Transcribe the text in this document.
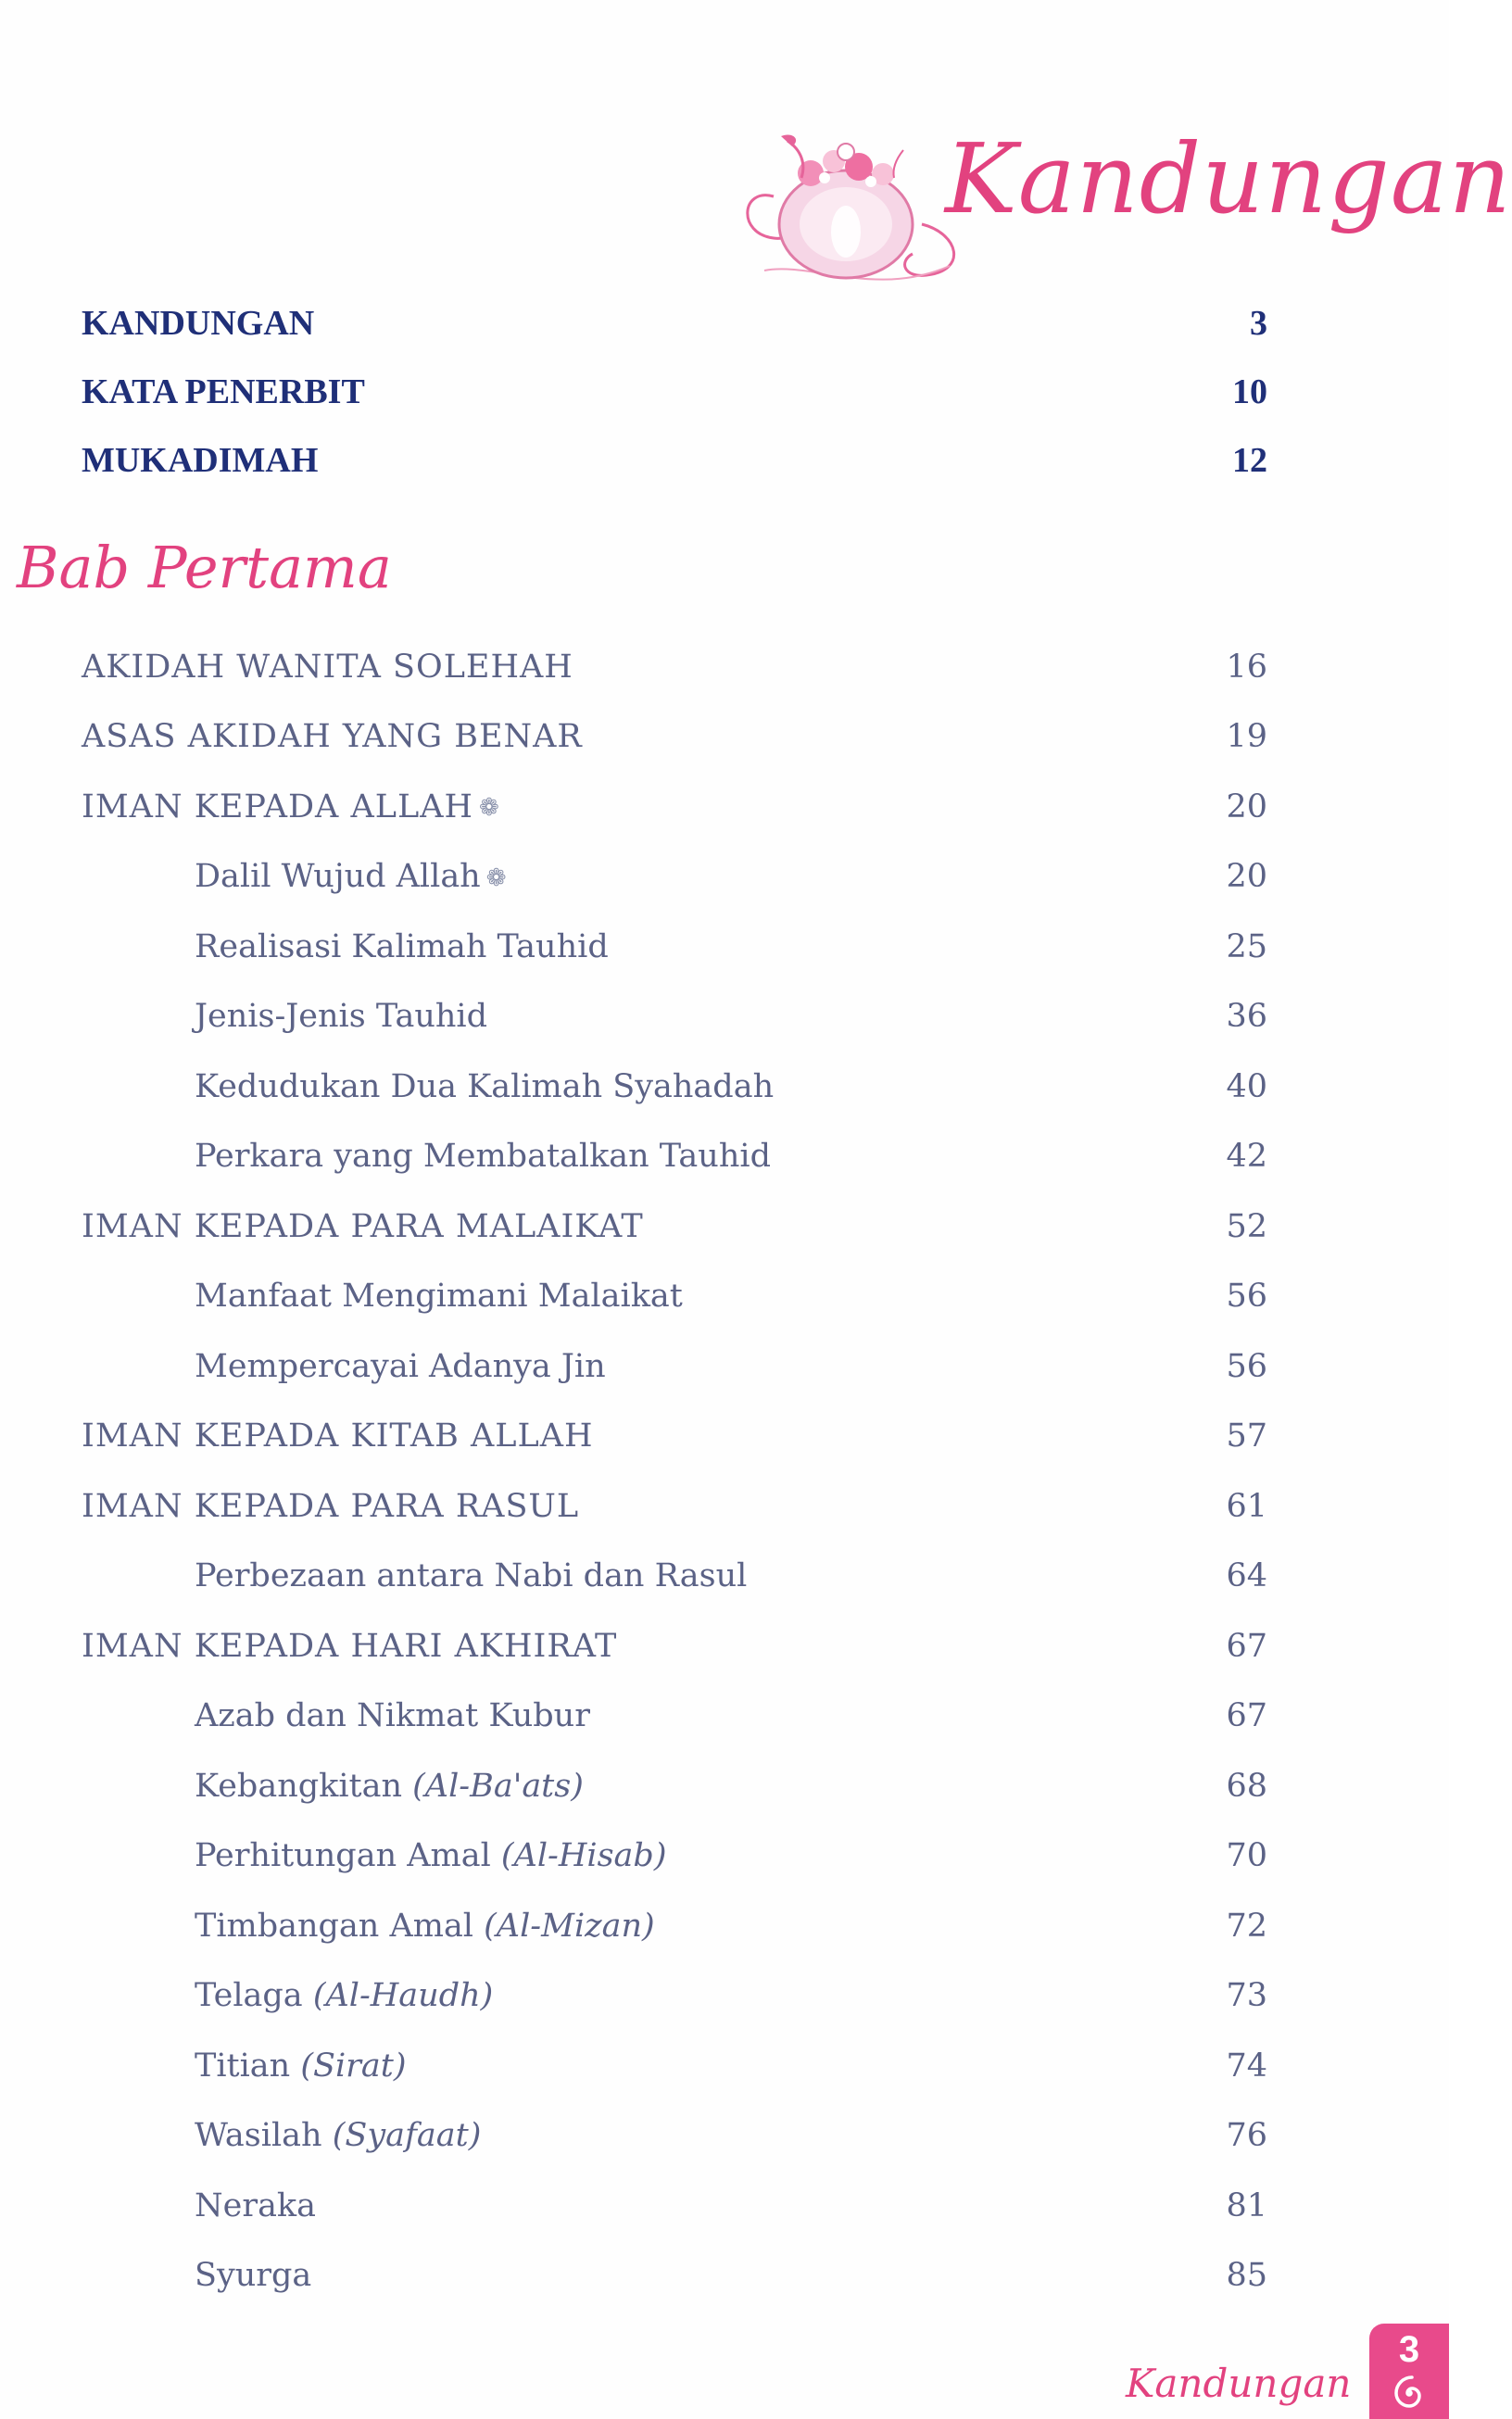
Kandungan
KANDUNGAN	3
KATA PENERBIT	10
MUKADIMAH	12
Bab Pertama
AKIDAH WANITA SOLEHAH	16
ASAS AKIDAH YANG BENAR	19
IMAN KEPADA ALLAH ❁	20
Dalil Wujud Allah ❁	20
Realisasi Kalimah Tauhid	25
Jenis-Jenis Tauhid	36
Kedudukan Dua Kalimah Syahadah	40
Perkara yang Membatalkan Tauhid	42
IMAN KEPADA PARA MALAIKAT	52
Manfaat Mengimani Malaikat	56
Mempercayai Adanya Jin	56
IMAN KEPADA KITAB ALLAH	57
IMAN KEPADA PARA RASUL	61
Perbezaan antara Nabi dan Rasul	64
IMAN KEPADA HARI AKHIRAT	67
Azab dan Nikmat Kubur	67
Kebangkitan (Al-Ba'ats)	68
Perhitungan Amal (Al-Hisab)	70
Timbangan Amal (Al-Mizan)	72
Telaga (Al-Haudh)	73
Titian (Sirat)	74
Wasilah (Syafaat)	76
Neraka	81
Syurga	85
Kandungan
3
